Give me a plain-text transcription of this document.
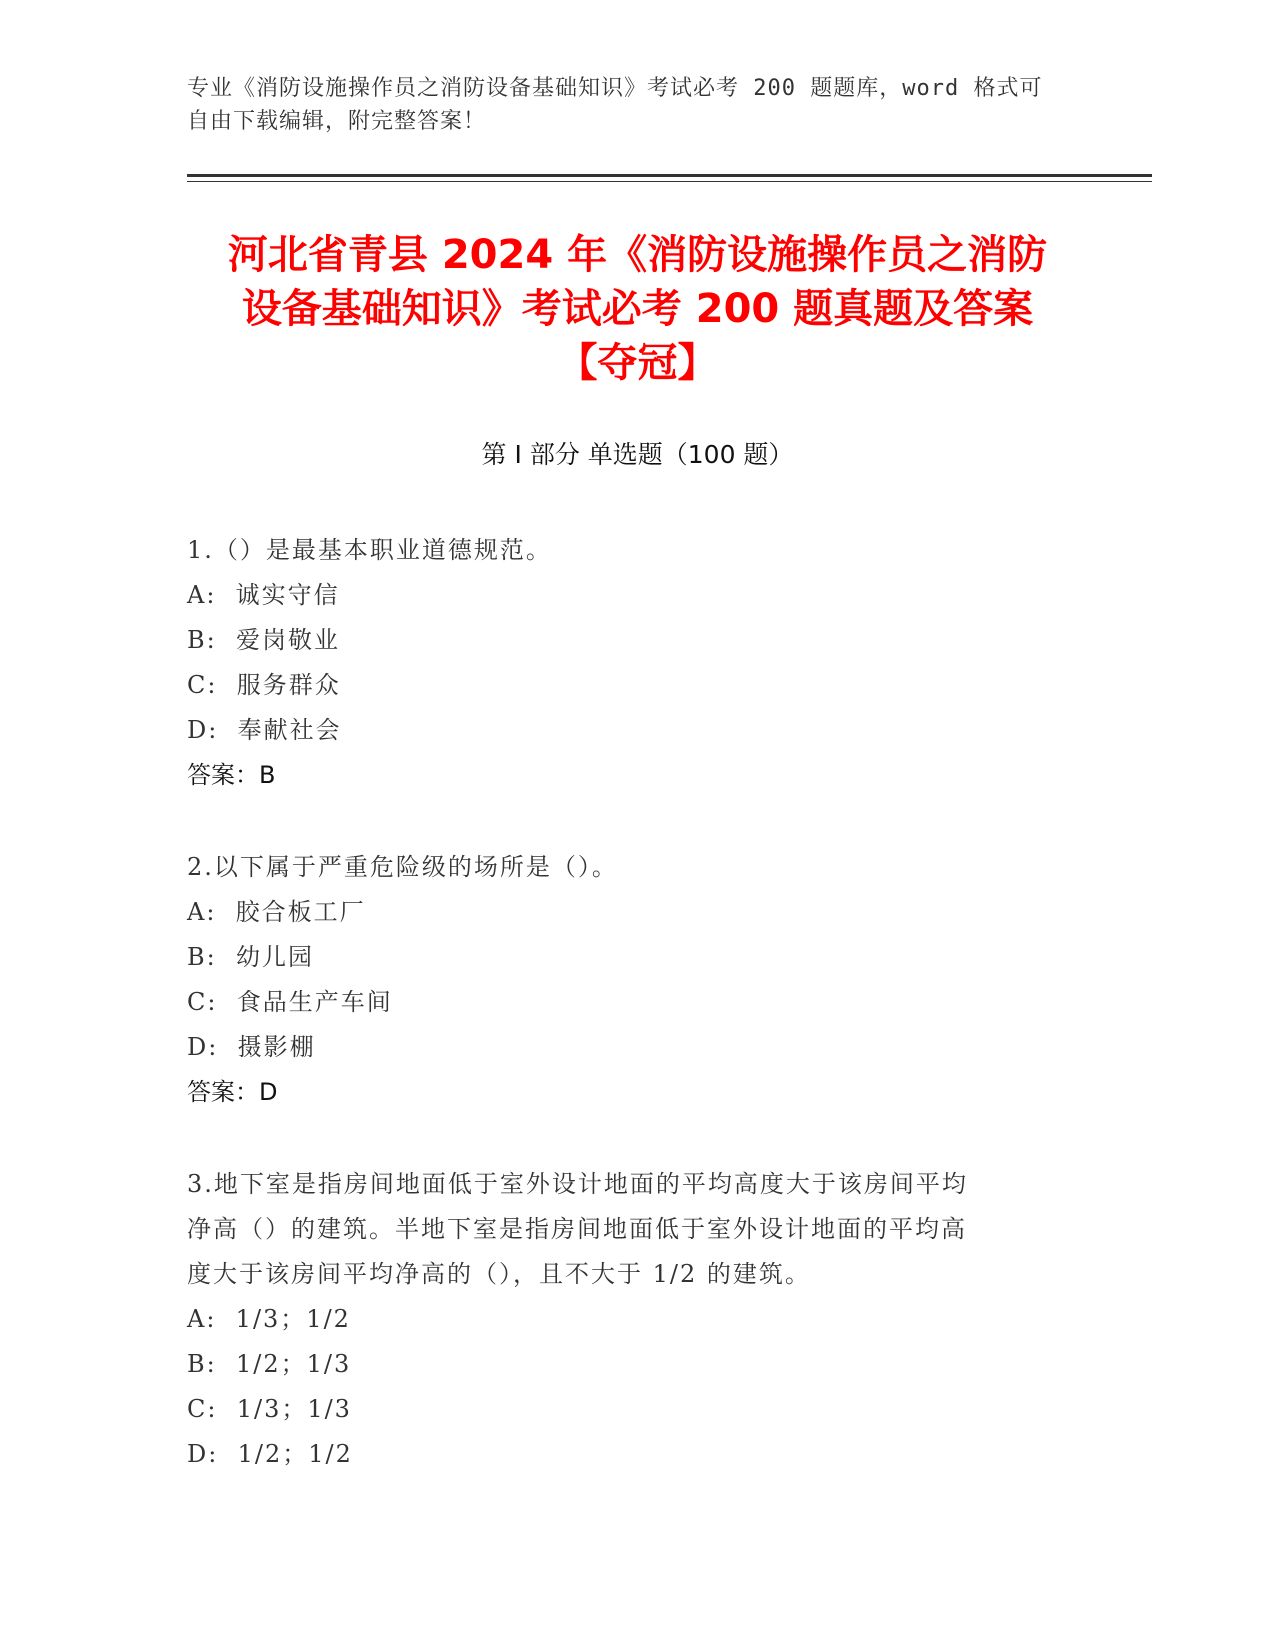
专业《消防设施操作员之消防设备基础知识》考试必考 200 题题库，word 格式可
自由下载编辑，附完整答案！
河北省青县 2024 年《消防设施操作员之消防
设备基础知识》考试必考 200 题真题及答案
【夺冠】
第 I 部分 单选题（100 题）
1.（）是最基本职业道德规范。
A:  诚实守信
B:  爱岗敬业
C:  服务群众
D:  奉献社会
答案：B
2.以下属于严重危险级的场所是（）。
A:  胶合板工厂
B:  幼儿园
C:  食品生产车间
D:  摄影棚
答案：D
3.地下室是指房间地面低于室外设计地面的平均高度大于该房间平均
净高（）的建筑。半地下室是指房间地面低于室外设计地面的平均高
度大于该房间平均净高的（），且不大于 1/2 的建筑。
A:  1/3；1/2
B:  1/2；1/3
C:  1/3；1/3
D:  1/2；1/2
